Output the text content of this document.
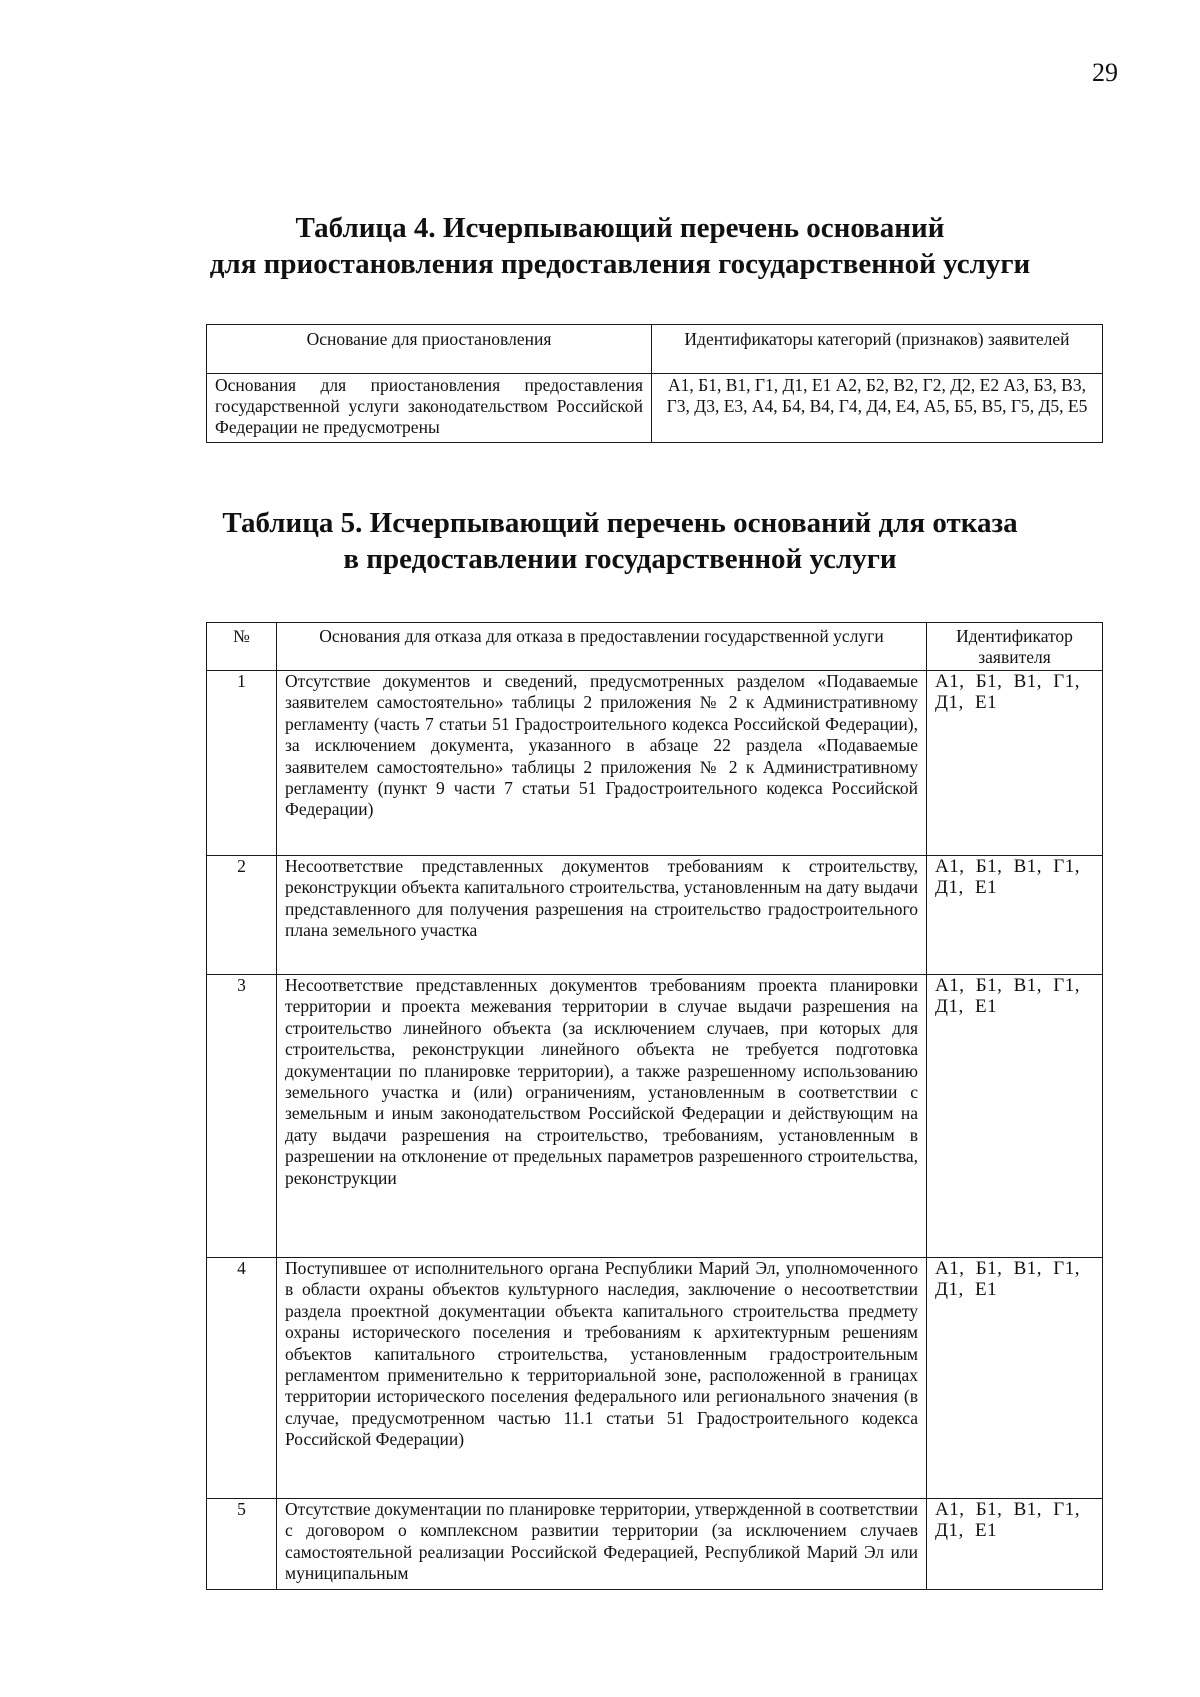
29
Таблица 4. Исчерпывающий перечень оснований
для приостановления предоставления государственной услуги
Основание для приостановления	Идентификаторы категорий (признаков) заявителей
Основания для приостановления предоставления государственной услуги законодательством Российской Федерации не предусмотрены	А1, Б1, В1, Г1, Д1, Е1 А2, Б2, В2, Г2, Д2, Е2 А3, Б3, В3, Г3, Д3, Е3, А4, Б4, В4, Г4, Д4, Е4, А5, Б5, В5, Г5, Д5, Е5
Таблица 5. Исчерпывающий перечень оснований для отказа
в предоставлении государственной услуги
№	Основания для отказа для отказа в предоставлении государственной услуги	Идентификатор заявителя
1	Отсутствие документов и сведений, предусмотренных разделом «Подаваемые заявителем самостоятельно» таблицы 2 приложения № 2 к Административному регламенту (часть 7 статьи 51 Градостроительного кодекса Российской Федерации), за исключением документа, указанного в абзаце 22 раздела «Подаваемые заявителем самостоятельно» таблицы 2 приложения № 2 к Административному регламенту (пункт 9 части 7 статьи 51 Градостроительного кодекса Российской Федерации)	А1, Б1, В1, Г1, Д1, Е1
2	Несоответствие представленных документов требованиям к строительству, реконструкции объекта капитального строительства, установленным на дату выдачи представленного для получения разрешения на строительство градостроительного плана земельного участка	А1, Б1, В1, Г1, Д1, Е1
3	Несоответствие представленных документов требованиям проекта планировки территории и проекта межевания территории в случае выдачи разрешения на строительство линейного объекта (за исключением случаев, при которых для строительства, реконструкции линейного объекта не требуется подготовка документации по планировке территории), а также разрешенному использованию земельного участка и (или) ограничениям, установленным в соответствии с земельным и иным законодательством Российской Федерации и действующим на дату выдачи разрешения на строительство, требованиям, установленным в разрешении на отклонение от предельных параметров разрешенного строительства, реконструкции	А1, Б1, В1, Г1, Д1, Е1
4	Поступившее от исполнительного органа Республики Марий Эл, уполномоченного в области охраны объектов культурного наследия, заключение о несоответствии раздела проектной документации объекта капитального строительства предмету охраны исторического поселения и требованиям к архитектурным решениям объектов капитального строительства, установленным градостроительным регламентом применительно к территориальной зоне, расположенной в границах территории исторического поселения федерального или регионального значения (в случае, предусмотренном частью 11.1 статьи 51 Градостроительного кодекса Российской Федерации)	А1, Б1, В1, Г1, Д1, Е1
5	Отсутствие документации по планировке территории, утвержденной в соответствии с договором о комплексном развитии территории (за исключением случаев самостоятельной реализации Российской Федерацией, Республикой Марий Эл или муниципальным	А1, Б1, В1, Г1, Д1, Е1
